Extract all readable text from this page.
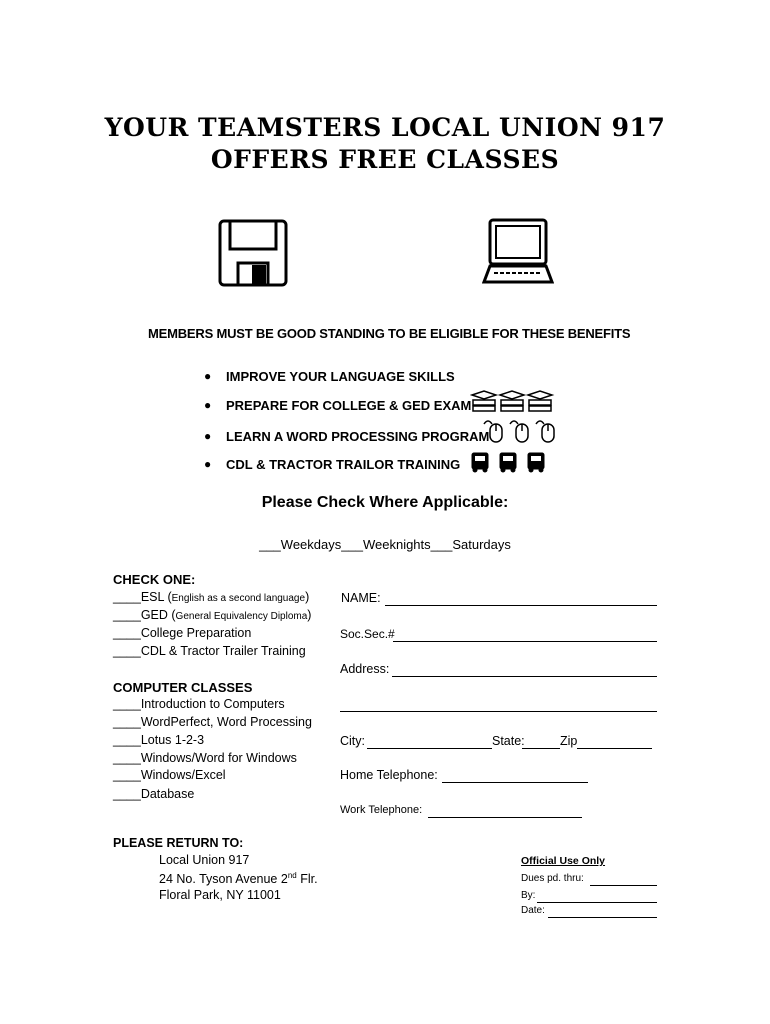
YOUR TEAMSTERS LOCAL UNION 917
OFFERS FREE CLASSES
MEMBERS MUST BE GOOD STANDING TO BE ELIGIBLE FOR THESE BENEFITS
● IMPROVE YOUR LANGUAGE SKILLS
● PREPARE FOR COLLEGE & GED EXAM
● LEARN A WORD PROCESSING PROGRAM
● CDL & TRACTOR TRAILOR TRAINING
Please Check Where Applicable:
___Weekdays___Weeknights___Saturdays
CHECK ONE:
____ESL (English as a second language)
____GED (General Equivalency Diploma)
____College Preparation
____CDL & Tractor Trailer Training
COMPUTER CLASSES
____Introduction to Computers
____WordPerfect, Word Processing
____Lotus 1-2-3
____Windows/Word for Windows
____Windows/Excel
____Database
NAME:
Soc.Sec.#
Address:
City:	State:	Zip
Home Telephone:
Work Telephone:
PLEASE RETURN TO:
Local Union 917
24 No. Tyson Avenue 2nd Flr.
Floral Park, NY 11001
Official Use Only
Dues pd. thru:
By:
Date:
